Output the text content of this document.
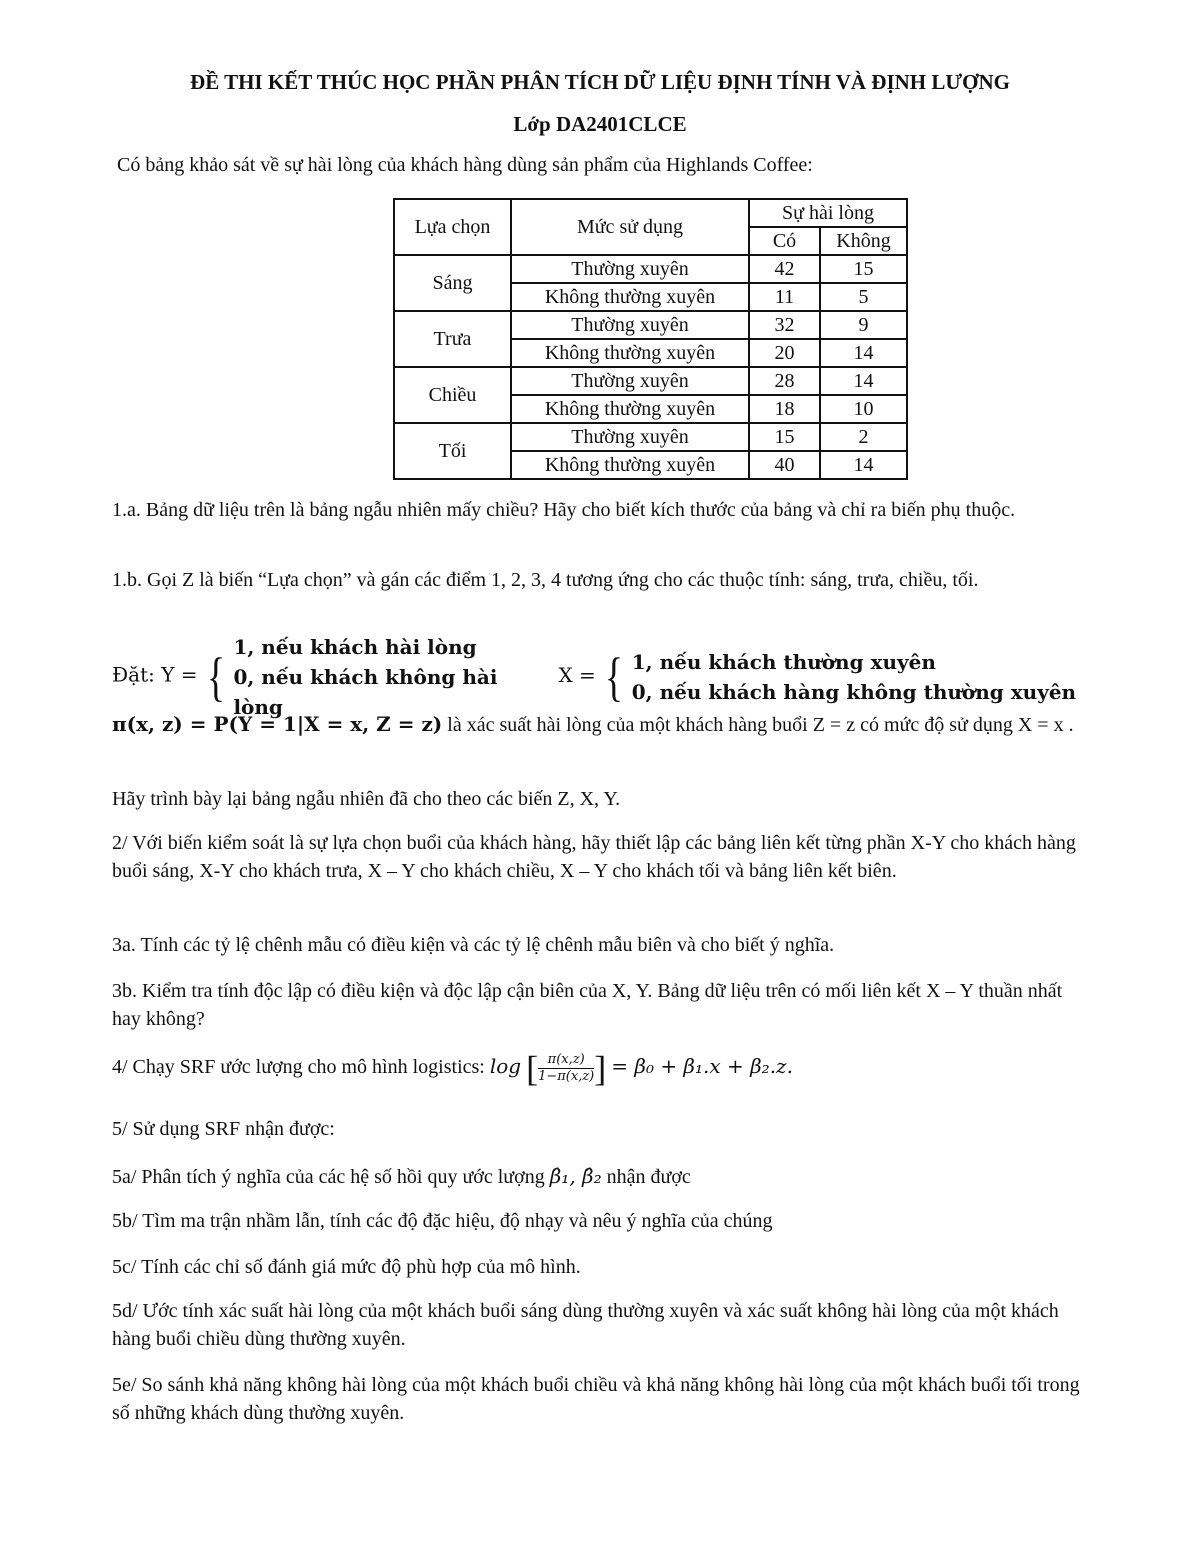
ĐỀ THI KẾT THÚC HỌC PHẦN PHÂN TÍCH DỮ LIỆU ĐỊNH TÍNH VÀ ĐỊNH LƯỢNG
Lớp DA2401CLCE
Có bảng khảo sát về sự hài lòng của khách hàng dùng sản phẩm của Highlands Coffee:
Lựa chọn	Mức sử dụng	Sự hài lòng	
		Có	Không
Sáng	Thường xuyên	42	15
	Không thường xuyên	11	5
Trưa	Thường xuyên	32	9
	Không thường xuyên	20	14
Chiều	Thường xuyên	28	14
	Không thường xuyên	18	10
Tối	Thường xuyên	15	2
	Không thường xuyên	40	14
1.a. Bảng dữ liệu trên là bảng ngẫu nhiên mấy chiều? Hãy cho biết kích thước của bảng và chỉ ra biến phụ thuộc.
1.b. Gọi Z là biến “Lựa chọn” và gán các điểm 1, 2, 3, 4 tương ứng cho các thuộc tính: sáng, trưa, chiều, tối.
Đặt: Y = { 1, nếu khách hài lòng
0, nếu khách không hài lòng
X = { 1, nếu khách thường xuyên
0, nếu khách hàng không thường xuyên
π(x, z) = P(Y = 1|X = x, Z = z) là xác suất hài lòng của một khách hàng buổi Z = z có mức độ sử dụng X = x .
Hãy trình bày lại bảng ngẫu nhiên đã cho theo các biến Z, X, Y.
2/ Với biến kiểm soát là sự lựa chọn buổi của khách hàng, hãy thiết lập các bảng liên kết từng phần X-Y cho khách hàng buổi sáng, X-Y cho khách trưa, X – Y cho khách chiều, X – Y cho khách tối và bảng liên kết biên.
3a. Tính các tỷ lệ chênh mẫu có điều kiện và các tỷ lệ chênh mẫu biên và cho biết ý nghĩa.
3b. Kiểm tra tính độc lập có điều kiện và độc lập cận biên của X, Y. Bảng dữ liệu trên có mối liên kết X – Y thuần nhất hay không?
4/ Chạy SRF ước lượng cho mô hình logistics: log [ $\frac{\pi(x,z)}{1-\pi(x,z)}$ ] = β₀ + β₁.x + β₂.z.
5/ Sử dụng SRF nhận được:
5a/ Phân tích ý nghĩa của các hệ số hồi quy ước lượng β̂₁, β̂₂ nhận được
5b/ Tìm ma trận nhầm lẫn, tính các độ đặc hiệu, độ nhạy và nêu ý nghĩa của chúng
5c/ Tính các chỉ số đánh giá mức độ phù hợp của mô hình.
5d/ Ước tính xác suất hài lòng của một khách buổi sáng dùng thường xuyên và xác suất không hài lòng của một khách hàng buổi chiều dùng thường xuyên.
5e/ So sánh khả năng không hài lòng của một khách buổi chiều và khả năng không hài lòng của một khách buổi tối trong số những khách dùng thường xuyên.
